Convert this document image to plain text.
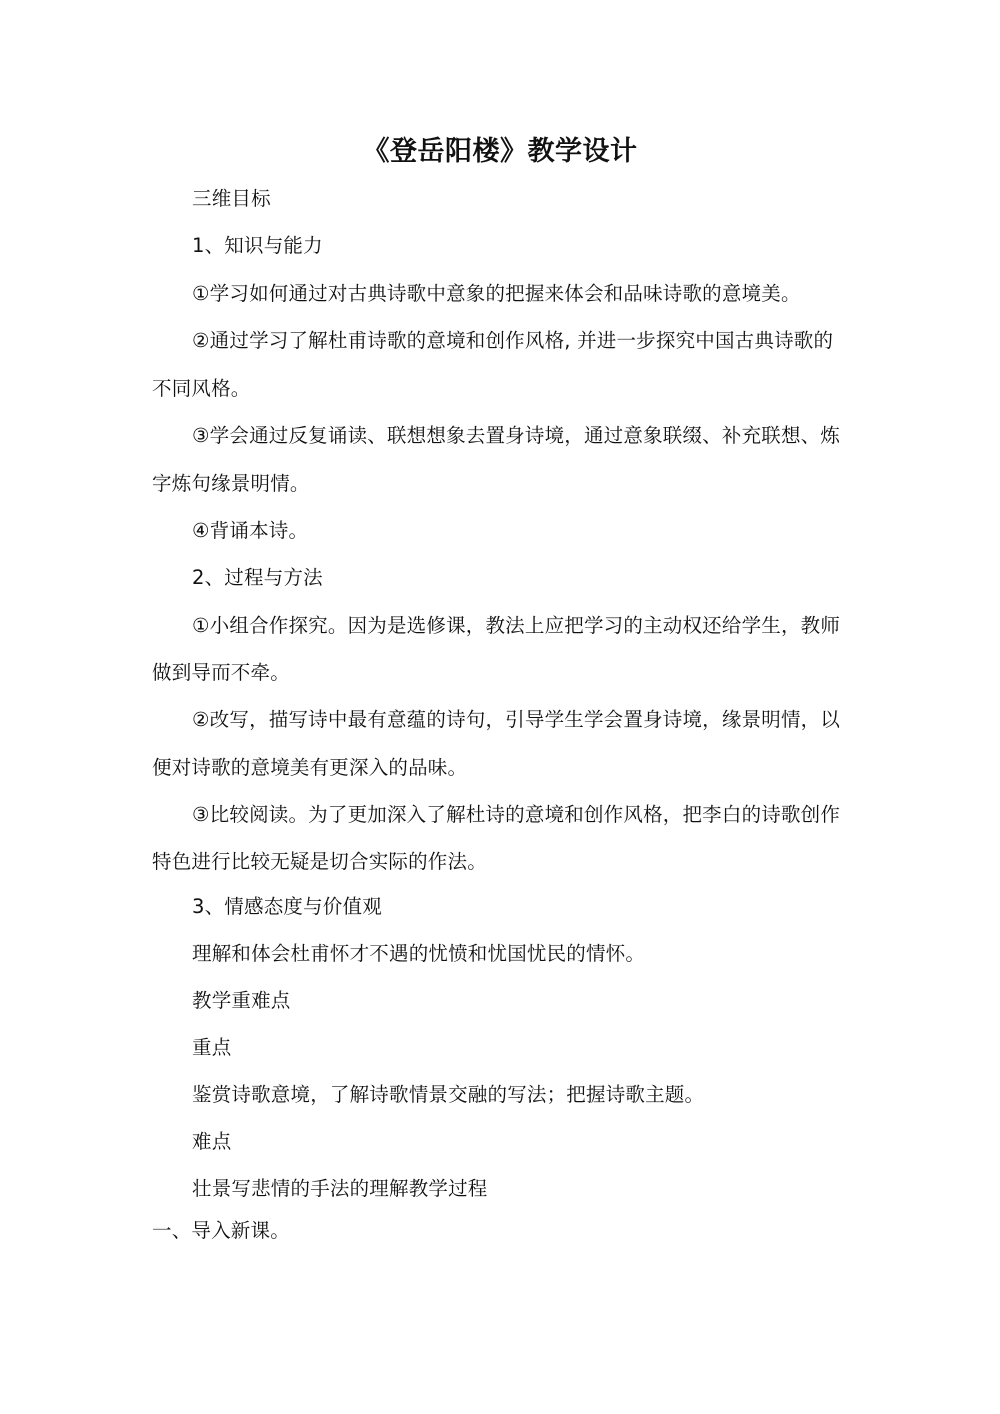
《登岳阳楼》教学设计
三维目标
1、知识与能力
①学习如何通过对古典诗歌中意象的把握来体会和品味诗歌的意境美。
②通过学习了解杜甫诗歌的意境和创作风格, 并进一步探究中国古典诗歌的
不同风格。
③学会通过反复诵读、联想想象去置身诗境，通过意象联缀、补充联想、炼
字炼句缘景明情。
④背诵本诗。
2、过程与方法
①小组合作探究。因为是选修课，教法上应把学习的主动权还给学生，教师
做到导而不牵。
②改写，描写诗中最有意蕴的诗句，引导学生学会置身诗境，缘景明情，以
便对诗歌的意境美有更深入的品味。
③比较阅读。为了更加深入了解杜诗的意境和创作风格，把李白的诗歌创作
特色进行比较无疑是切合实际的作法。
3、情感态度与价值观
理解和体会杜甫怀才不遇的忧愤和忧国忧民的情怀。
教学重难点
重点
鉴赏诗歌意境，了解诗歌情景交融的写法；把握诗歌主题。
难点
壮景写悲情的手法的理解教学过程
一、导入新课。
